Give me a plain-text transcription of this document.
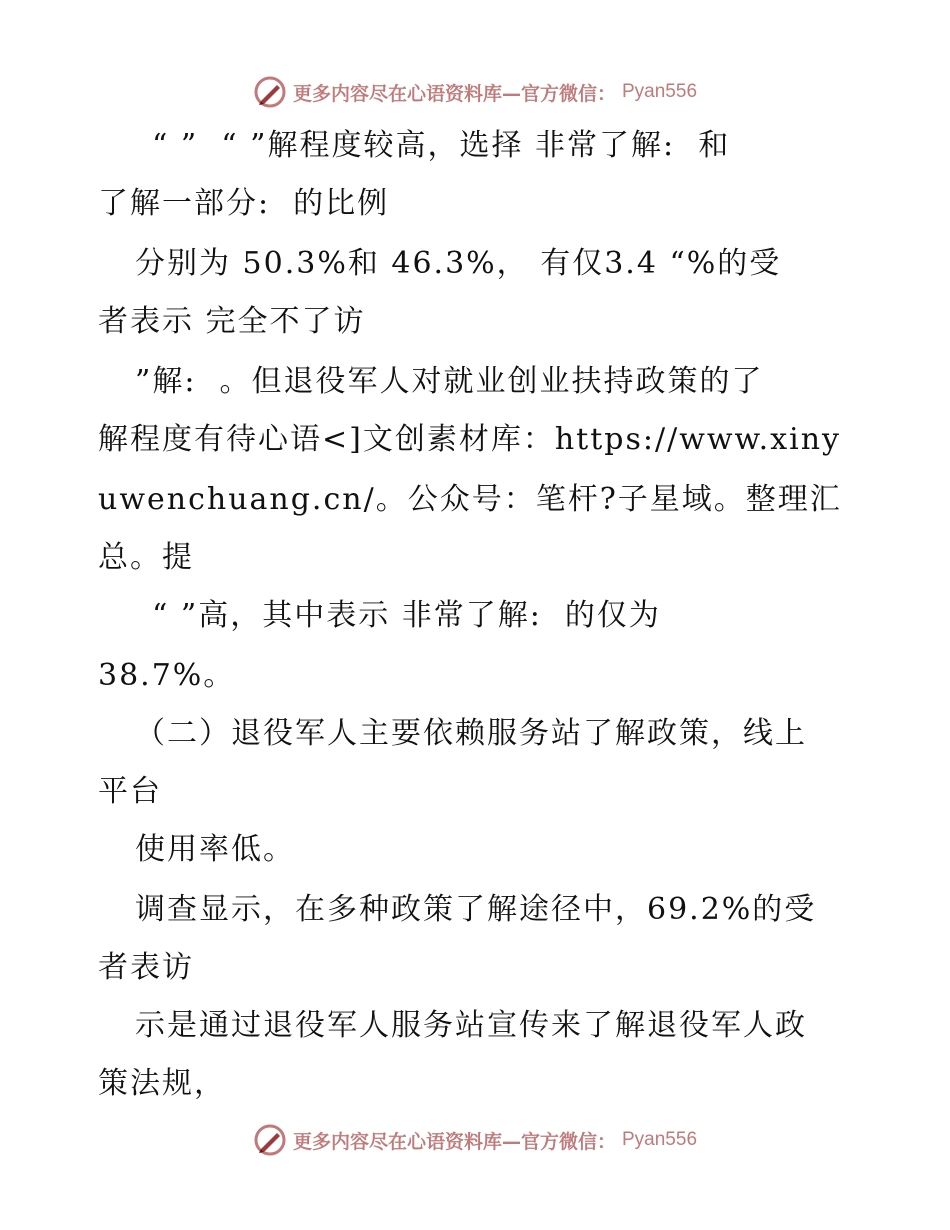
更多内容尽在心语资料库—官方微信： Pyan556
“ ”  “ ”解程度较高，选择 非常了解:  和
了解一部分:  的比例
分别为 50.3%和 46.3%， 有仅3.4 “%的受
者表示 完全不了访
”解:  。但退役军人对就业创业扶持政策的了
解程度有待心语<]文创素材库：https://www.xiny
uwenchuang.cn/。公众号：笔杆?子星域。整理汇
总。提
“ ”高，其中表示 非常了解:  的仅为
38.7%。
（二）退役军人主要依赖服务站了解政策，线上
平台
使用率低。
调查显示，在多种政策了解途径中，69.2%的受
者表访
示是通过退役军人服务站宣传来了解退役军人政
策法规，
更多内容尽在心语资料库—官方微信： Pyan556
